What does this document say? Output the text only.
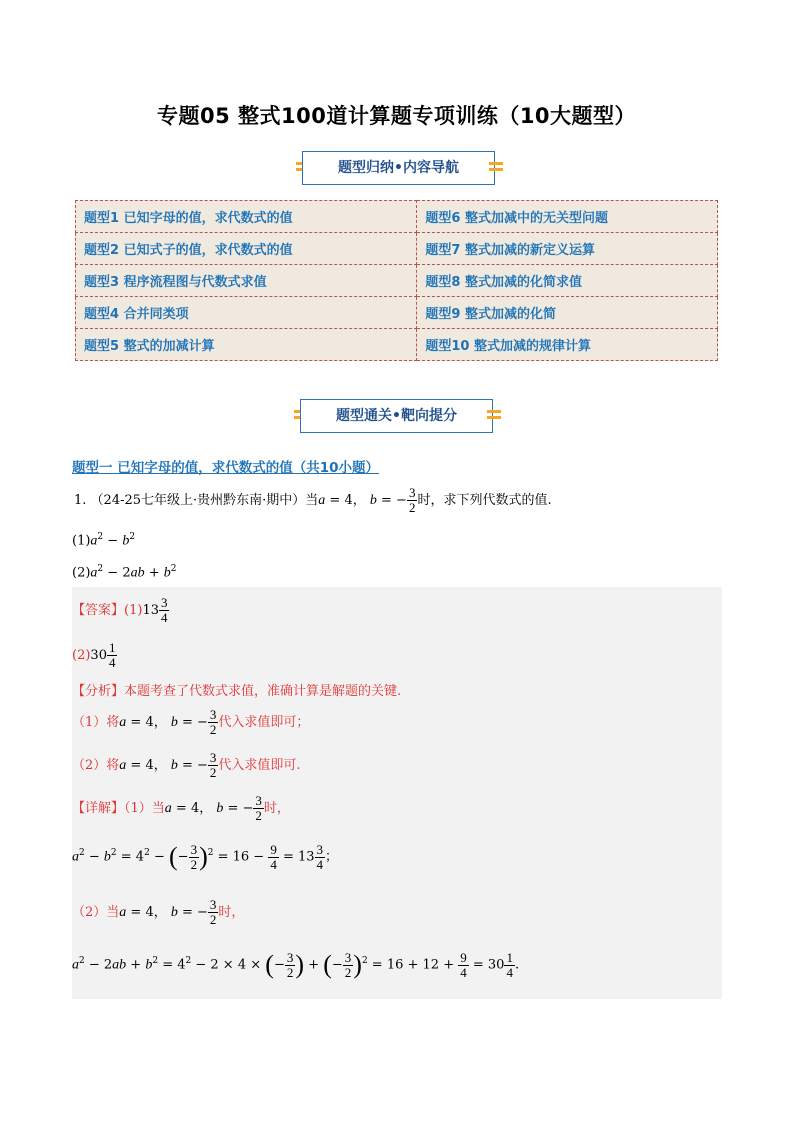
专题05 整式100道计算题专项训练（10大题型）
题型归纳•内容导航
题型1 已知字母的值，求代数式的值	题型6 整式加减中的无关型问题
题型2 已知式子的值，求代数式的值	题型7 整式加减的新定义运算
题型3 程序流程图与代数式求值	题型8 整式加减的化简求值
题型4 合并同类项	题型9 整式加减的化简
题型5 整式的加减计算	题型10 整式加减的规律计算
题型通关•靶向提分
题型一 已知字母的值，求代数式的值（共10小题）
1. （24-25七年级上·贵州黔东南·期中）当a = 4， b = − $\frac{3}{2}$ 时，求下列代数式的值.
$(1)a^2 - b^2$
$(2)a^2 - 2ab + b^2$
【答案】$(1)13 \frac{3}{4}$
$(2)30 \frac{1}{4}$
【分析】本题考查了代数式求值，准确计算是解题的关键.
（1）将a = 4， b = − $\frac{3}{2}$ 代入求值即可；
（2）将a = 4， b = − $\frac{3}{2}$ 代入求值即可.
【详解】（1）当a = 4， b = − $\frac{3}{2}$ 时，
$a^2 - b^2 = 4^2$ − (− $\frac{3}{2} )^2 = 16 - \frac{9}{4} = 13 \frac{3}{4}$ ；
（2）当a = 4， b = − $\frac{3}{2}$ 时，
$a^2 - 2ab + b^2 = 4^2 - 2 \times 4$ × (− $\frac{3}{2}$ ) + (− $\frac{3}{2} )^2 = 16 + 12 + \frac{9}{4} = 30 \frac{1}{4}$ .
